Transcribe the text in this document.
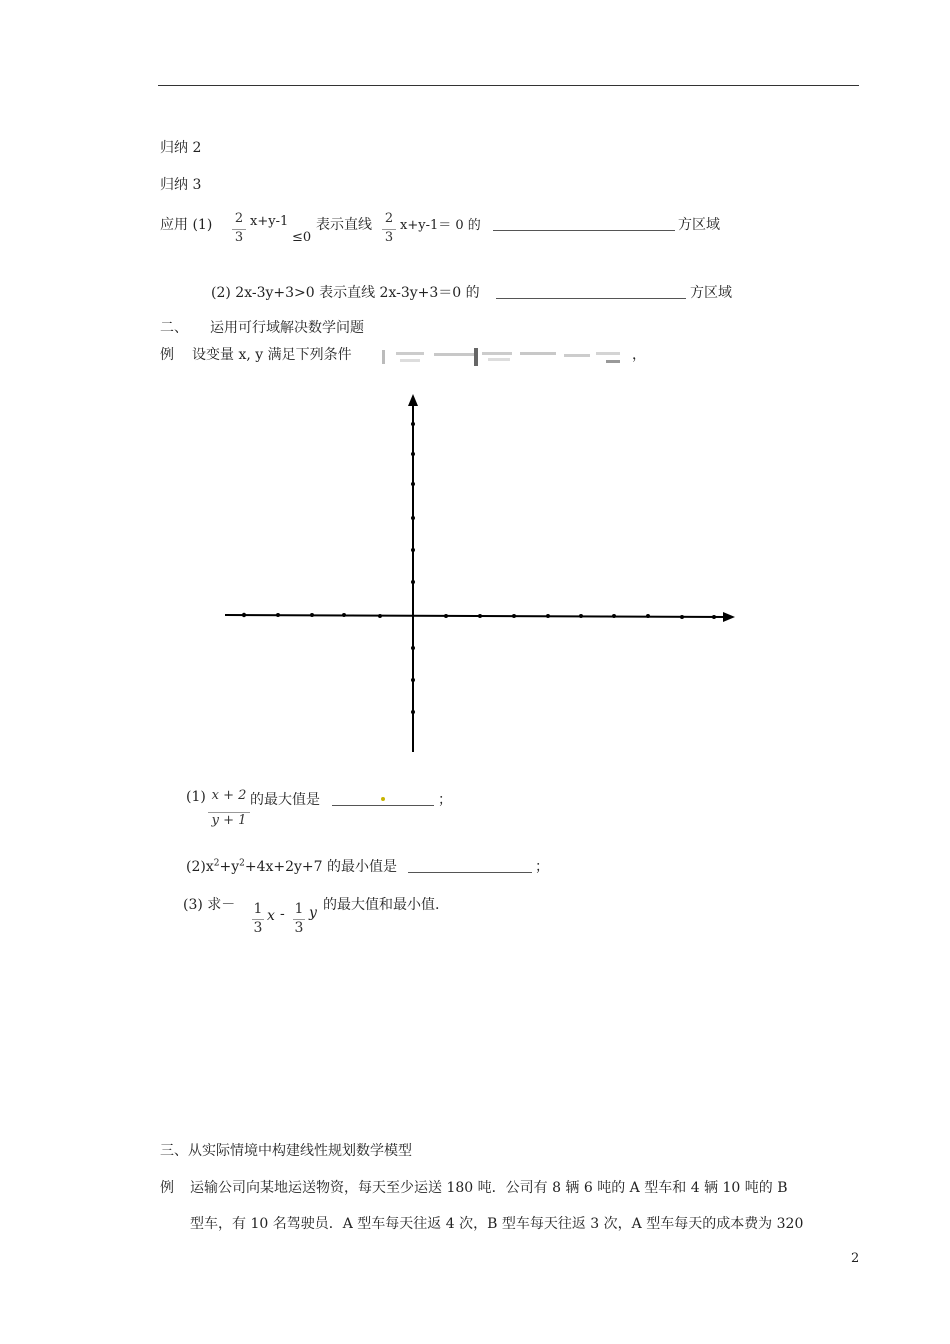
归纳 2
归纳 3
应用 $(1) \frac{2}{3} x+y-1$
≤0
表示直线 $\frac{2}{3} x+y-1= 0$ 的	方区域
(2) 2x-3y+3>0 表示直线 2x-3y+3＝0 的	方区域
二、 运用可行域解决数学问题
例 设变量 x, y 满足下列条件	，
$(1) \frac{x + 2}{y + 1}$ 的最大值是	；
$(2)x^2+y^2+4x+2y+7$ 的最小值是	；
(3) 求－ $\frac{1}{3}$ x - $\frac{1}{3}$ y 的最大值和最小值.
三、从实际情境中构建线性规划数学模型
例 运输公司向某地运送物资，每天至少运送 180 吨．公司有 8 辆 6 吨的 A 型车和 4 辆 10 吨的 B
型车，有 10 名驾驶员．A 型车每天往返 4 次，B 型车每天往返 3 次，A 型车每天的成本费为 320
2
